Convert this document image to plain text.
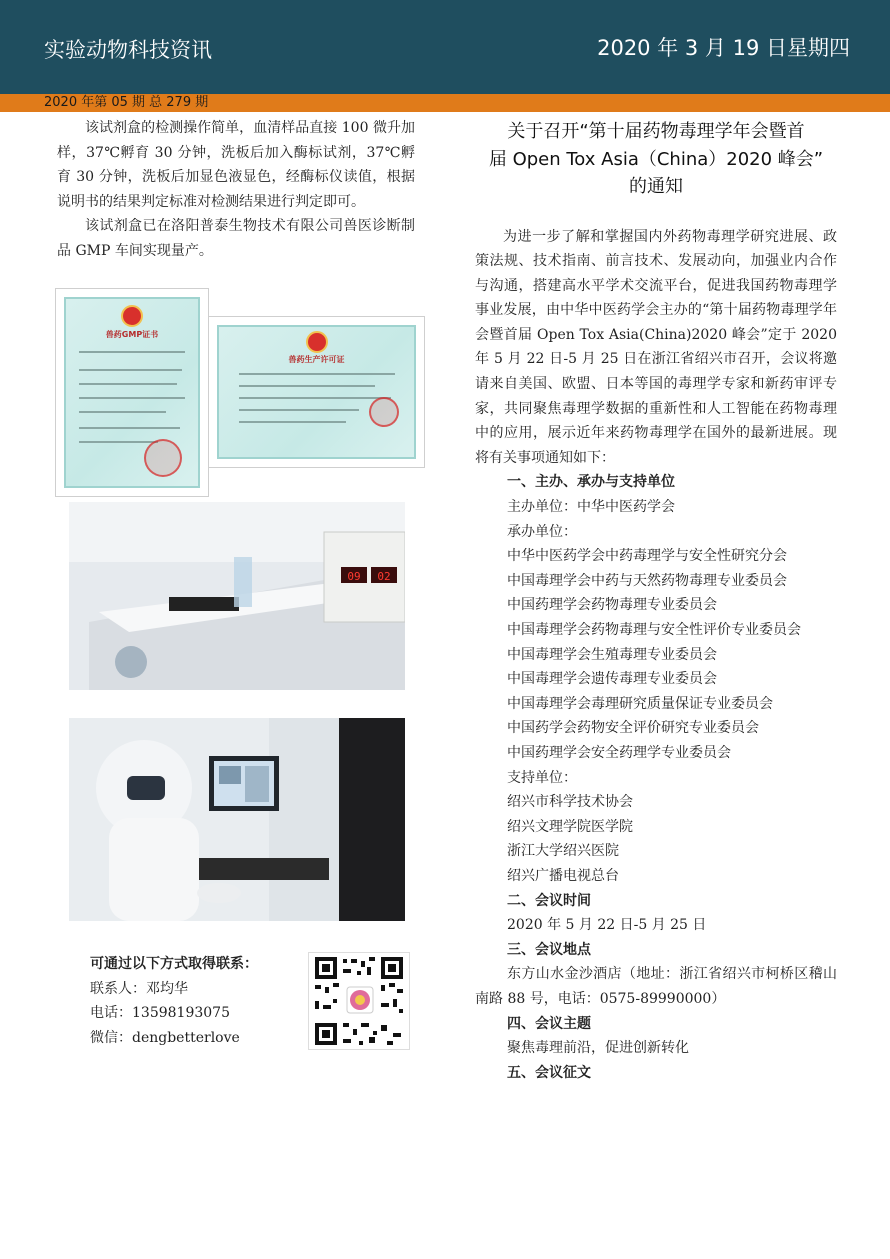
实验动物科技资讯	2020 年 3 月 19 日星期四
2020 年第 05 期 总 279 期

该试剂盒的检测操作简单，血清样品直接 100 微升加样，37℃孵育 30 分钟，洗板后加入酶标试剂，37℃孵育 30 分钟，洗板后加显色液显色，经酶标仪读值，根据说明书的结果判定标准对检测结果进行判定即可。

该试剂盒已在洛阳普泰生物技术有限公司兽医诊断制品 GMP 车间实现量产。

兽药GMP证书
兽药生产许可证
09 02
可通过以下方式取得联系：
联系人：邓均华
电话：13598193075
微信：dengbetterlove
关于召开“第十届药物毒理学年会暨首
届 Open Tox Asia（China）2020 峰会”
的通知

为进一步了解和掌握国内外药物毒理学研究进展、政策法规、技术指南、前言技术、发展动向，加强业内合作与沟通，搭建高水平学术交流平台，促进我国药物毒理学事业发展，由中华中医药学会主办的“第十届药物毒理学年会暨首届 Open Tox Asia(China)2020 峰会”定于 2020 年 5 月 22 日-5 月 25 日在浙江省绍兴市召开，会议将邀请来自美国、欧盟、日本等国的毒理学专家和新药审评专家，共同聚焦毒理学数据的重新性和人工智能在药物毒理中的应用，展示近年来药物毒理学在国外的最新进展。现将有关事项通知如下：

一、主办、承办与支持单位

主办单位：中华中医药学会

承办单位：

中华中医药学会中药毒理学与安全性研究分会

中国毒理学会中药与天然药物毒理专业委员会

中国药理学会药物毒理专业委员会

中国毒理学会药物毒理与安全性评价专业委员会

中国毒理学会生殖毒理专业委员会

中国毒理学会遗传毒理专业委员会

中国毒理学会毒理研究质量保证专业委员会

中国药学会药物安全评价研究专业委员会

中国药理学会安全药理学专业委员会

支持单位：

绍兴市科学技术协会

绍兴文理学院医学院

浙江大学绍兴医院

绍兴广播电视总台

二、会议时间

2020 年 5 月 22 日-5 月 25 日

三、会议地点

东方山水金沙酒店（地址：浙江省绍兴市柯桥区稽山南路 88 号，电话：0575-89990000）

四、会议主题

聚焦毒理前沿，促进创新转化

五、会议征文
